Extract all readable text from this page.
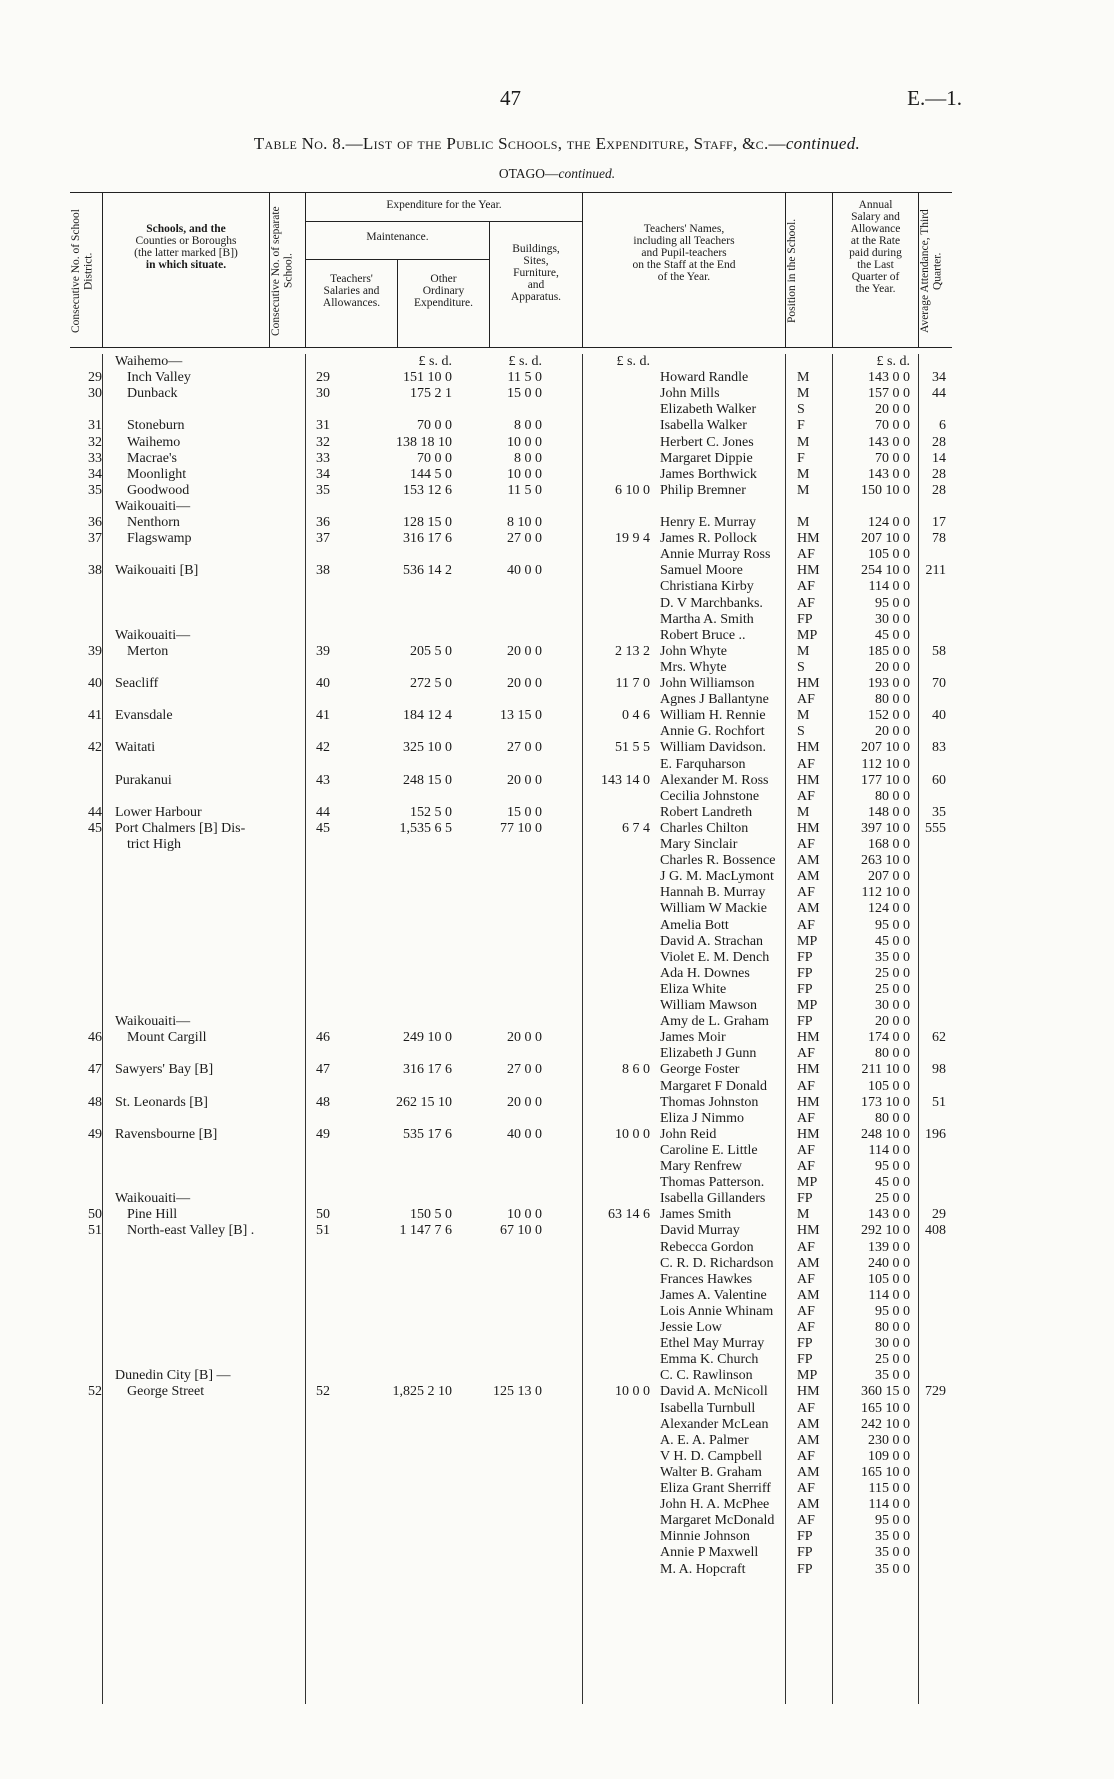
47	E.—1.
Table No. 8.—List of the Public Schools, the Expenditure, Staff, &c.—continued.
OTAGO—continued.
Consecutive No. of School District.
Schools, and the
Counties or Boroughs
(the latter marked [B])
in which situate.	Consecutive No. of separate School.
Expenditure for the Year.
Maintenance.
Teachers'
Salaries and
Allowances.
Other
Ordinary
Expenditure.
Buildings,
Sites,
Furniture,
and
Apparatus.
Teachers' Names,
including all Teachers
and Pupil-teachers
on the Staff at the End
of the Year.	Position in the School.
Annual
Salary and
Allowance
at the Rate
paid during
the Last
Quarter of
the Year.	Average Attendance, Third Quarter.
Waihemo—	£ s. d.	£ s. d.	£ s. d.	£ s. d.
29	Inch Valley	29	151 10 0	11 5 0	Howard Randle	M	143 0 0	34
30	Dunback	30	175 2 1	15 0 0	John Mills	M	157 0 0	44
Elizabeth Walker	S	20 0 0
31	Stoneburn	31	70 0 0	8 0 0	Isabella Walker	F	70 0 0	6
32	Waihemo	32	138 18 10	10 0 0	Herbert C. Jones	M	143 0 0	28
33	Macrae's	33	70 0 0	8 0 0	Margaret Dippie	F	70 0 0	14
34	Moonlight	34	144 5 0	10 0 0	James Borthwick	M	143 0 0	28
35	Goodwood	35	153 12 6	11 5 0	6 10 0 Philip Bremner	M	150 10 0	28
Waikouaiti—
36	Nenthorn	36	128 15 0	8 10 0	Henry E. Murray	M	124 0 0	17
37	Flagswamp	37	316 17 6	27 0 0	19 9 4 James R. Pollock	HM	207 10 0	78
Annie Murray Ross AF	105 0 0
38 Waikouaiti [B]	38	536 14 2	40 0 0	Samuel Moore	HM	254 10 0	211
Christiana Kirby	AF	114 0 0
D. V Marchbanks. AF	95 0 0
Martha A. Smith	FP	30 0 0
Waikouaiti—	Robert Bruce ..	MP	45 0 0
39	Merton	39	205 5 0	20 0 0	2 13 2 John Whyte	M	185 0 0	58
Mrs. Whyte	S	20 0 0
40 Seacliff	40	272 5 0	20 0 0	11 7 0 John Williamson	HM	193 0 0	70
Agnes J Ballantyne AF	80 0 0
41 Evansdale	41	184 12 4	13 15 0	0 4 6 William H. Rennie M	152 0 0	40
Annie G. Rochfort S	20 0 0
42 Waitati	42	325 10 0	27 0 0	51 5 5 William Davidson. HM	207 10 0	83
E. Farquharson	AF	112 10 0
Purakanui	43	248 15 0	20 0 0	143 14 0 Alexander M. Ross HM	177 10 0	60
Cecilia Johnstone	AF	80 0 0
44 Lower Harbour	44	152 5 0	15 0 0	Robert Landreth	M	148 0 0	35
45 Port Chalmers [B] Dis-	45	1,535 6 5	77 10 0	6 7 4 Charles Chilton	HM	397 10 0	555
trict High	Mary Sinclair	AF	168 0 0
Charles R. Bossence AM	263 10 0
J G. M. MacLymont AM	207 0 0
Hannah B. Murray AF	112 10 0
William W Mackie AM	124 0 0
Amelia Bott	AF	95 0 0
David A. Strachan MP	45 0 0
Violet E. M. Dench FP	35 0 0
Ada H. Downes	FP	25 0 0
Eliza White	FP	25 0 0
William Mawson	MP	30 0 0
Waikouaiti—	Amy de L. Graham FP	20 0 0
46	Mount Cargill	46	249 10 0	20 0 0	James Moir	HM	174 0 0	62
Elizabeth J Gunn	AF	80 0 0
47 Sawyers' Bay [B]	47	316 17 6	27 0 0	8 6 0 George Foster	HM	211 10 0	98
Margaret F Donald AF	105 0 0
48 St. Leonards [B]	48	262 15 10	20 0 0	Thomas Johnston	HM	173 10 0	51
Eliza J Nimmo	AF	80 0 0
49 Ravensbourne [B]	49	535 17 6	40 0 0	10 0 0 John Reid	HM	248 10 0	196
Caroline E. Little	AF	114 0 0
Mary Renfrew	AF	95 0 0
Thomas Patterson. MP	45 0 0
Waikouaiti—	Isabella Gillanders FP	25 0 0
50	Pine Hill	50	150 5 0	10 0 0	63 14 6 James Smith	M	143 0 0	29
51	North-east Valley [B] .	51	1 147 7 6	67 10 0	David Murray	HM	292 10 0	408
Rebecca Gordon	AF	139 0 0
C. R. D. Richardson AM	240 0 0
Frances Hawkes	AF	105 0 0
James A. Valentine AM	114 0 0
Lois Annie Whinam AF	95 0 0
Jessie Low	AF	80 0 0
Ethel May Murray FP	30 0 0
Emma K. Church	FP	25 0 0
Dunedin City [B] —	C. C. Rawlinson	MP	35 0 0
52	George Street	52	1,825 2 10	125 13 0	10 0 0 David A. McNicoll HM	360 15 0	729
Isabella Turnbull	AF	165 10 0
Alexander McLean AM	242 10 0
A. E. A. Palmer	AM	230 0 0
V H. D. Campbell AF	109 0 0
Walter B. Graham	AM	165 10 0
Eliza Grant Sherriff AF	115 0 0
John H. A. McPhee AM	114 0 0
Margaret McDonald AF	95 0 0
Minnie Johnson	FP	35 0 0
Annie P Maxwell	FP	35 0 0
M. A. Hopcraft	FP	35 0 0
